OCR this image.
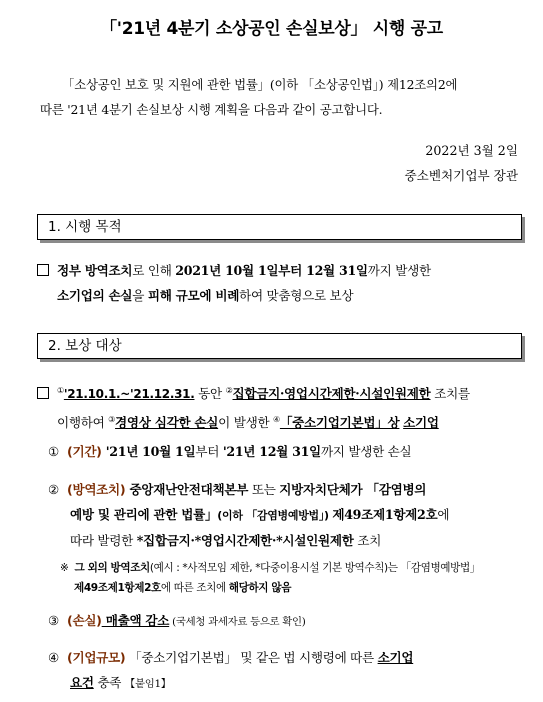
「'21년 4분기 소상공인 손실보상」 시행 공고
「소상공인 보호 및 지원에 관한 법률」(이하 「소상공인법」) 제12조의2에
따른 '21년 4분기 손실보상 시행 계획을 다음과 같이 공고합니다.
2022년 3월 2일
중소벤처기업부 장관
1. 시행 목적
정부 방역조치로 인해 2021년 10월 1일부터 12월 31일까지 발생한
소기업의 손실을 피해 규모에 비례하여 맞춤형으로 보상
2. 보상 대상
①'21.10.1.~'21.12.31. 동안 ②집합금지·영업시간제한·시설인원제한 조치를
이행하여 ③경영상 심각한 손실이 발생한 ④「중소기업기본법」상 소기업
① (기간) '21년 10월 1일부터 '21년 12월 31일까지 발생한 손실
② (방역조치) 중앙재난안전대책본부 또는 지방자치단체가 「감염병의
예방 및 관리에 관한 법률」(이하 「감염병예방법」) 제49조제1항제2호에
따라 발령한 *집합금지·*영업시간제한·*시설인원제한 조치
※ 그 외의 방역조치(예시 : *사적모임 제한, *다중이용시설 기본 방역수칙)는 「감염병예방법」
제49조제1항제2호에 따른 조치에 해당하지 않음
③ (손실) 매출액 감소 (국세청 과세자료 등으로 확인)
④ (기업규모) 「중소기업기본법」 및 같은 법 시행령에 따른 소기업
요건 충족 【붙임1】
